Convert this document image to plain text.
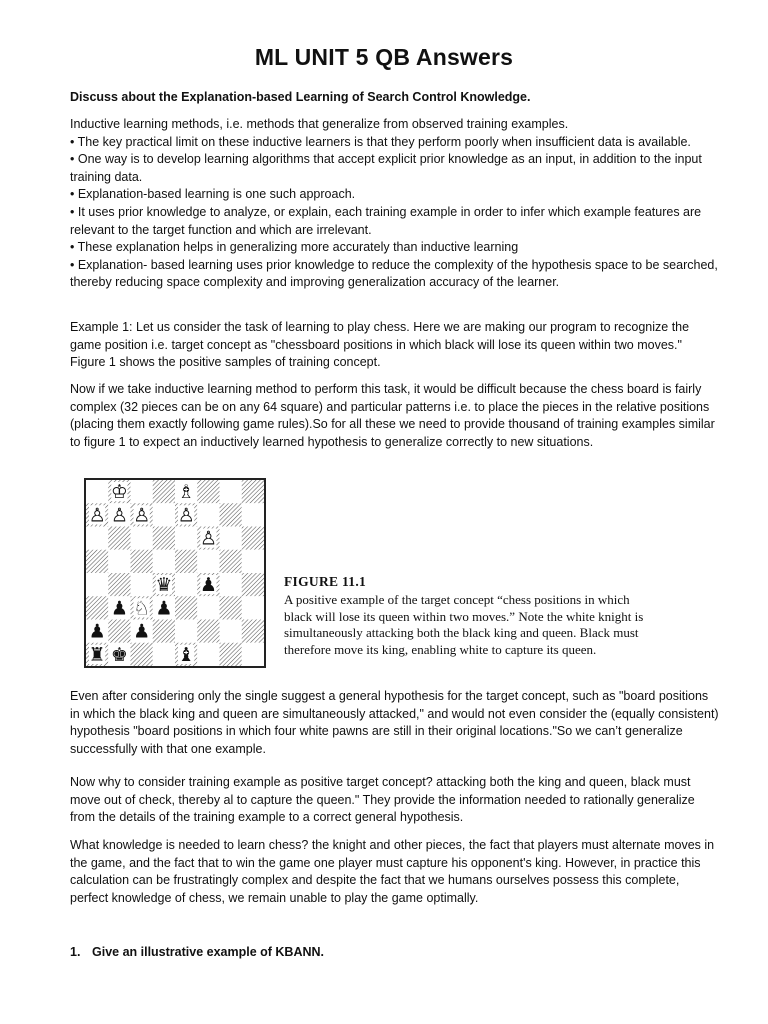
ML UNIT 5 QB Answers
Discuss about the Explanation-based Learning of Search Control Knowledge.

Inductive learning methods, i.e. methods that generalize from observed training examples.

• The key practical limit on these inductive learners is that they perform poorly when insufficient data is available.

• One way is to develop learning algorithms that accept explicit prior knowledge as an input, in addition to the input training data.

• Explanation-based learning is one such approach.

• It uses prior knowledge to analyze, or explain, each training example in order to infer which example features are relevant to the target function and which are irrelevant.

• These explanation helps in generalizing more accurately than inductive learning

• Explanation- based learning uses prior knowledge to reduce the complexity of the hypothesis space to be searched, thereby reducing space complexity and improving generalization accuracy of the learner.

Example 1: Let us consider the task of learning to play chess. Here we are making our program to recognize the game position i.e. target concept as "chessboard positions in which black will lose its queen within two moves." Figure 1 shows the positive samples of training concept.
Now if we take inductive learning method to perform this task, it would be difficult because the chess board is fairly complex (32 pieces can be on any 64 square) and particular patterns i.e. to place the pieces in the relative positions (placing them exactly following game rules).So for all these we need to provide thousand of training examples similar to figure 1 to expect an inductively learned hypothesis to generalize correctly to new situations.
♔	♗
♙ ♙ ♙ ♙
♙
♛ ♟
♟ ♘ ♟
♟ ♟
♜ ♚	♝
FIGURE 11.1
A positive example of the target concept “chess positions in which black will lose its queen within two moves.” Note the white knight is simultaneously attacking both the black king and queen. Black must therefore move its king, enabling white to capture its queen.
Even after considering only the single suggest a general hypothesis for the target concept, such as "board positions in which the black king and queen are simultaneously attacked," and would not even consider the (equally consistent) hypothesis "board positions in which four white pawns are still in their original locations."So we can’t generalize successfully with that one example.
Now why to consider training example as positive target concept? attacking both the king and queen, black must move out of check, thereby al to capture the queen." They provide the information needed to rationally generalize from the details of the training example to a correct general hypothesis.
What knowledge is needed to learn chess? the knight and other pieces, the fact that players must alternate moves in the game, and the fact that to win the game one player must capture his opponent's king. However, in practice this calculation can be frustratingly complex and despite the fact that we humans ourselves possess this complete, perfect knowledge of chess, we remain unable to play the game optimally.
1. Give an illustrative example of KBANN.
